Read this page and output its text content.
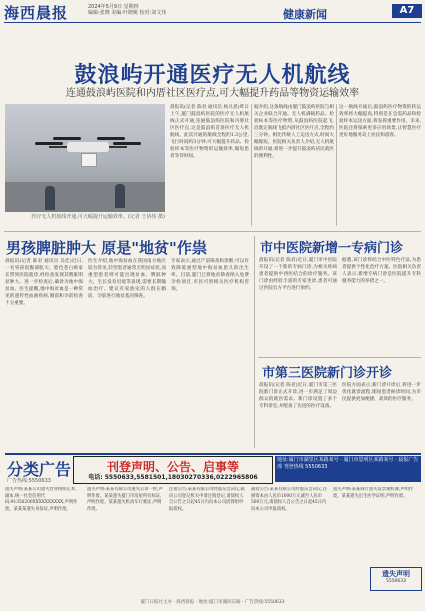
海西晨报	2024年5月9日 星期四
编辑:张晓 美编:叶晓姚 校对:刘文伟	健康新闻	A7
鼓浪屿开通医疗无人机航线
连通鼓浪屿医院和内厝社区医疗点,可大幅提升药品等物资运输效率
医疗无人机航线开通,可大幅提升运输效率。(记者 王协伟 摄)
晨报讯(记者 陈君 通讯员 杨凡恩)昨日上午,厦门鼓浪屿医院的医疗无人机航线正式开通,连通鼓浪屿医院和内厝社区医疗点,这是鼓浪屿首条医疗无人机航线。此次开通的航线全程约1.3公里,飞行时间约3分钟,可大幅提升药品、检验样本等医疗物资的运输效率,缩短患者等待时间。
据介绍,这条航线由厦门鼓浪屿医院与相关企业联合开通。无人机满载药品、检验标本等医疗物资,从鼓浪屿医院起飞,沿既定航线飞抵内厝社区医疗点,全程约三分钟。相比传统人工运送方式,时间大幅缩短。医院相关负责人介绍,无人机航线的开通,将进一步提升鼓浪屿居民就医的便利性。
这一航线开通后,鼓浪屿医疗物资的转运效率将大幅提高,特别是在急需药品和检验样本运送方面,将发挥重要作用。未来,医院还将探索更多应用场景,让智慧医疗更好地服务岛上居民和游客。
男孩脾脏肿大 原是"地贫"作祟
晨报讯(记者 陈君 通讯员 吴佳)近日,一名男孩因腹部胀大、脸色苍白被家长带到医院就诊,经检查发现其脾脏明显肿大。进一步检查后,确诊为地中海贫血。医生提醒,地中海贫血是一种常见的遗传性血液疾病,婚前和孕前检查十分重要。
医生介绍,地中海贫血在我国南方地区较为常见,轻型患者通常无明显症状,而重型患者则可能出现贫血、脾脏肿大、生长发育迟缓等表现,需要长期输血治疗。建议有家族史的人群在婚前、孕前进行地贫基因筛查。
专家表示,通过产前筛查和诊断,可以有效降低重型地中海贫血患儿的出生率。目前,厦门已将地贫筛查纳入免费孕检项目,市民可到相关医疗机构咨询。
市中医院新增一专病门诊
晨报讯(记者 陈君)近日,厦门市中医院开设了一个新的专病门诊,为相关疾病患者提供中西医结合的诊疗服务。该门诊由经验丰富的专家坐诊,患者可通过医院官方平台进行预约。
据悉,该门诊将结合中医特色疗法,为患者提供个性化治疗方案。医院相关负责人表示,新增专病门诊是医院提升专科服务能力的举措之一。
市第三医院新门诊开诊
晨报讯(记者 陈君)近日,厦门市第三医院新门诊正式开诊,进一步满足了周边群众的就医需求。新门诊设置了多个专科诊室,并配备了先进的医疗设备。
医院方面表示,新门诊开诊后,将进一步优化就诊流程,缩短患者候诊时间,为市民提供更加便捷、高效的医疗服务。
分类广告
广告热线:5550633
刊登声明、公告、启事等
电话: 5550633,5581501,18030270336,0222965806
地址:厦门市湖里区某路某号 · 厦门市思明区某路某号 · 晨报广告部 刊登热线 5550633
遗失声明:某某公司遗失营业执照正本、副本,统一社会信用代码:91350200XXXXXXXXXX,声明作废。某某某遗失身份证,声明作废。
遗失声明:某某有限公司遗失公章一枚,声明作废。某某遗失厦门市房屋所有权证,声明作废。某某遗失机动车行驶证,声明作废。
注销公告:某某有限公司经股东会决议,拟向公司登记机关申请注销登记,请债权人自公告之日起45日内向本公司清算组申报债权。
减资公告:某某有限公司经股东会决议,注册资本由人民币1000万元减至人民币500万元,请债权人自公告之日起45日内向本公司申报债权。
遗失声明:某某商行遗失发票领购簿,声明作废。某某遗失出生医学证明,声明作废。
遗失声明
5550633
厦门日报社主办 · 海西晨报 · 地址:厦门市湖滨东路 · 广告热线:5550633
